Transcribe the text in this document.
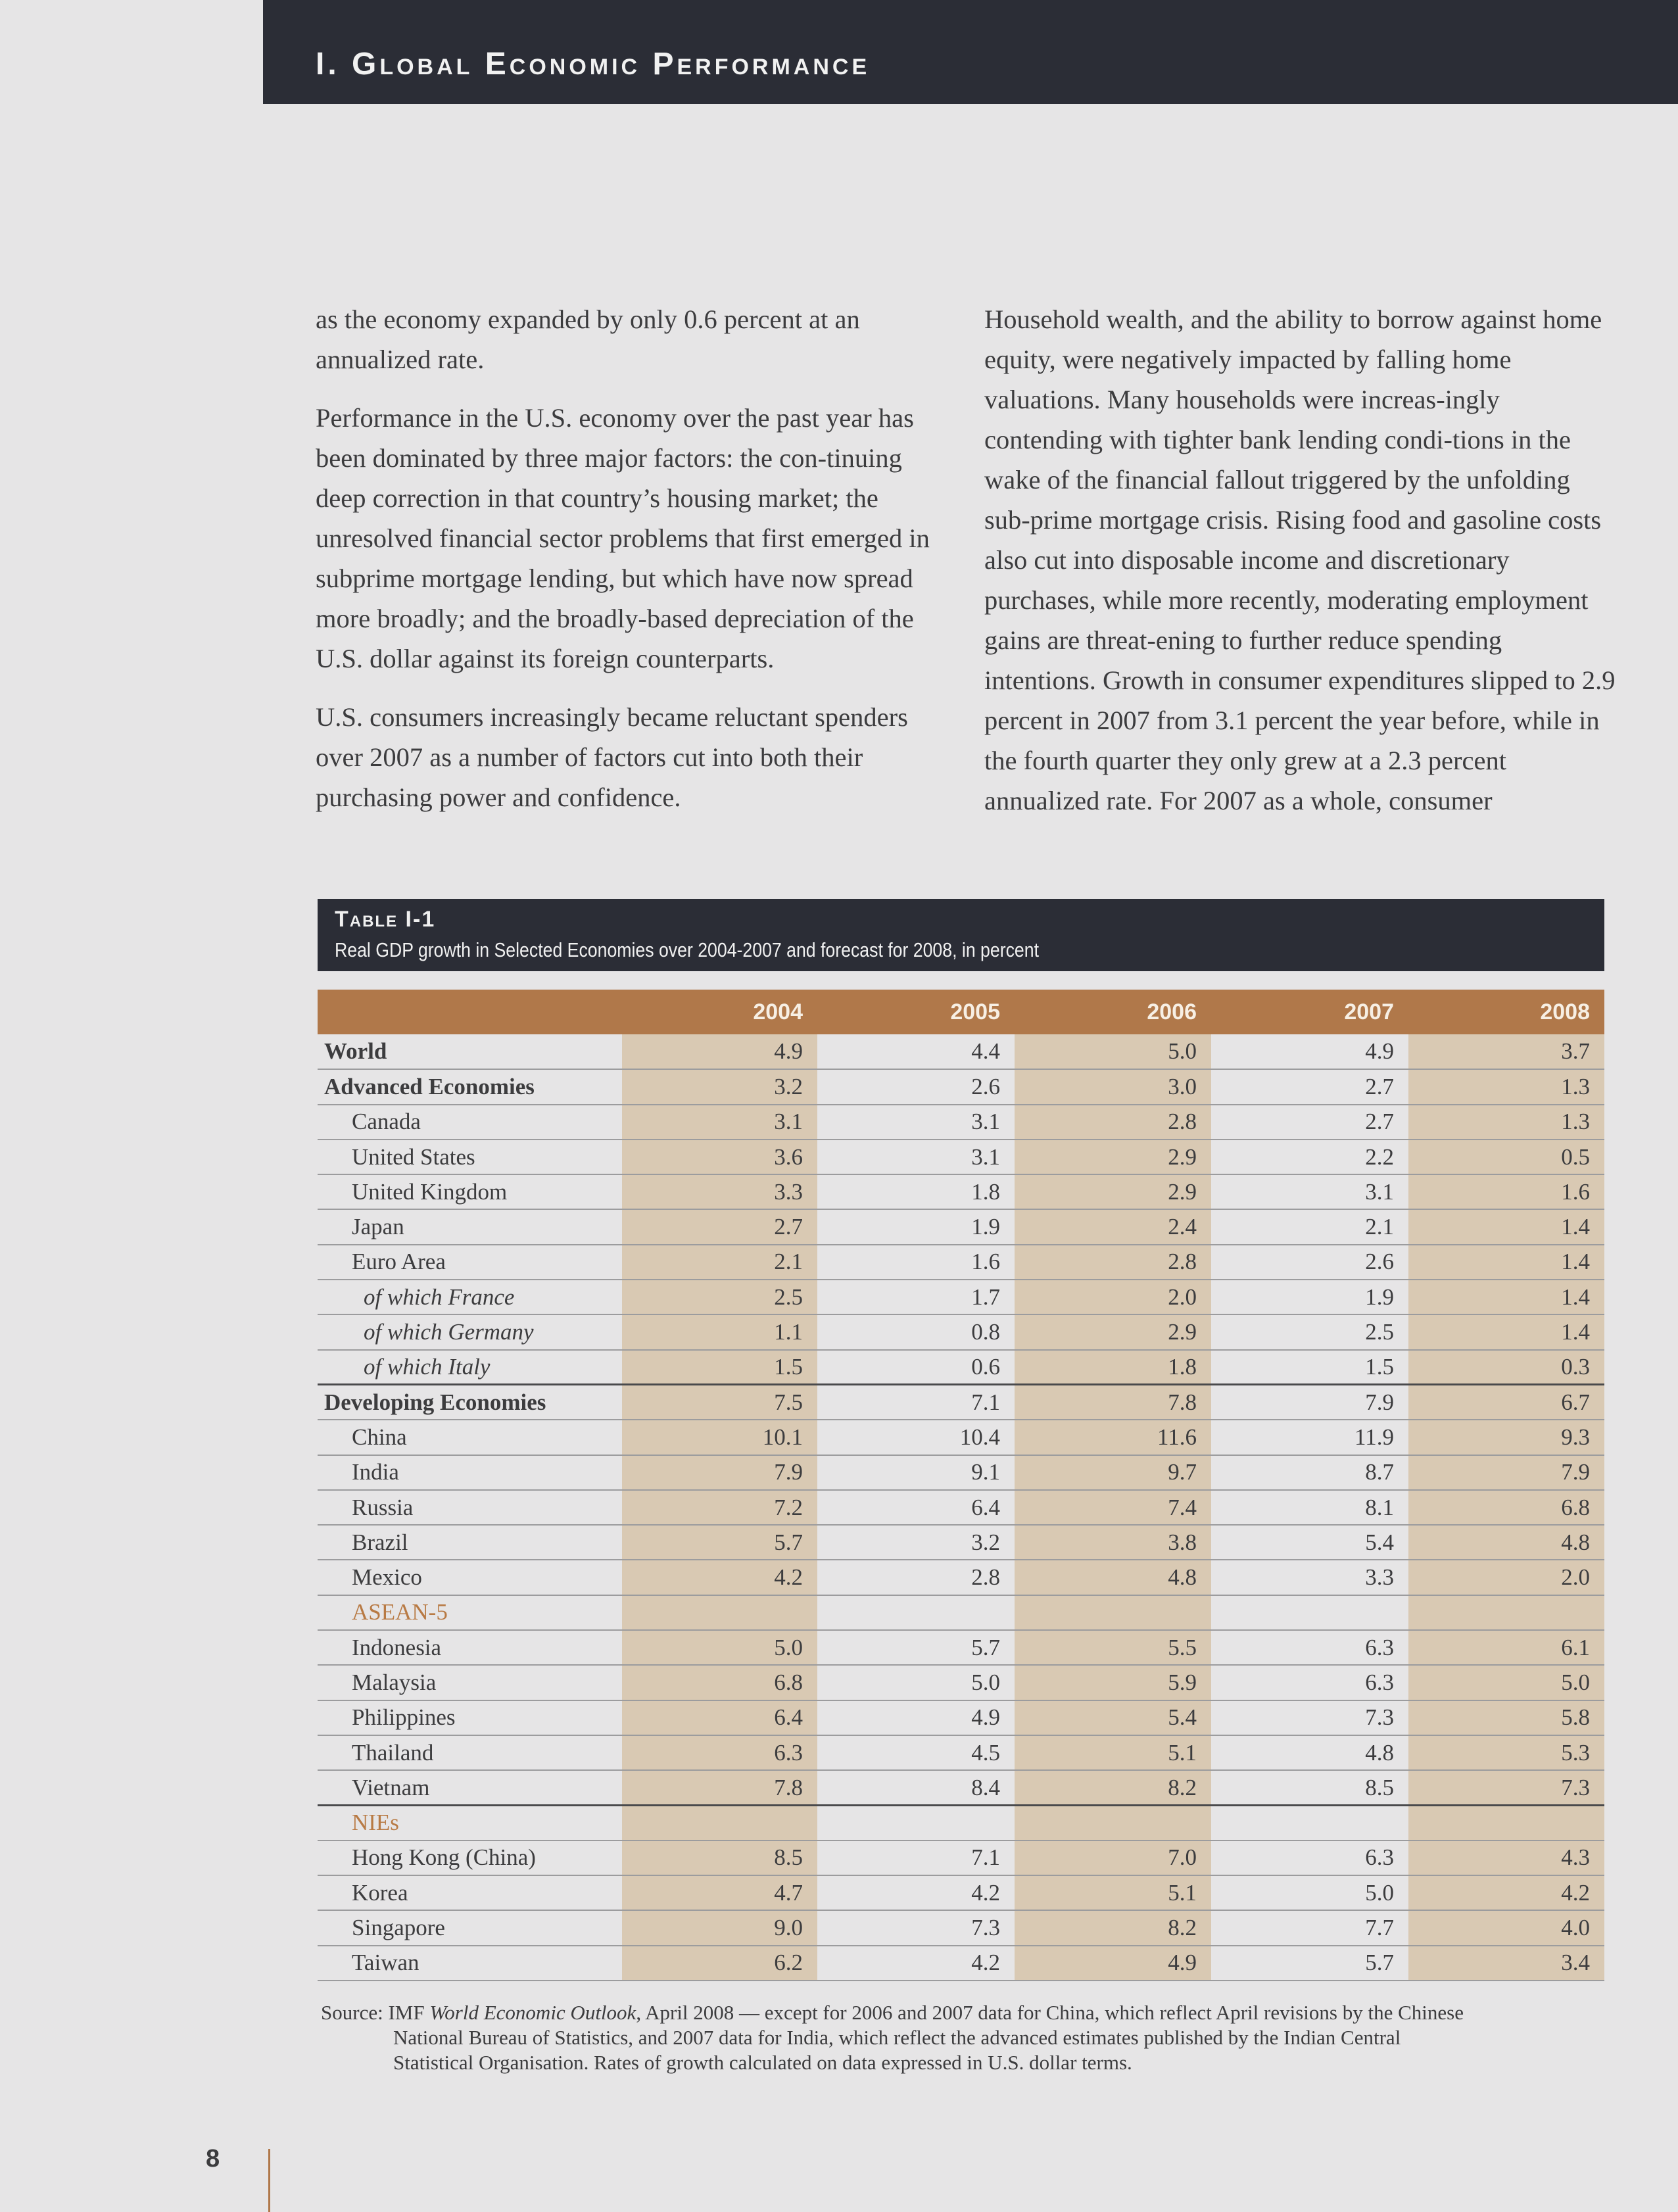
I. Global Economic Performance

as the economy expanded by only 0.6 percent at an annualized rate.

Performance in the U.S. economy over the past year has been dominated by three major factors: the con-tinuing deep correction in that country’s housing market; the unresolved financial sector problems that first emerged in subprime mortgage lending, but which have now spread more broadly; and the broadly-based depreciation of the U.S. dollar against its foreign counterparts.

U.S. consumers increasingly became reluctant spenders over 2007 as a number of factors cut into both their purchasing power and confidence.

Household wealth, and the ability to borrow against home equity, were negatively impacted by falling home valuations. Many households were increas-ingly contending with tighter bank lending condi-tions in the wake of the financial fallout triggered by the unfolding sub-prime mortgage crisis. Rising food and gasoline costs also cut into disposable income and discretionary purchases, while more recently, moderating employment gains are threat-ening to further reduce spending intentions. Growth in consumer expenditures slipped to 2.9 percent in 2007 from 3.1 percent the year before, while in the fourth quarter they only grew at a 2.3 percent annualized rate. For 2007 as a whole, consumer

Table I-1
Real GDP growth in Selected Economies over 2004-2007 and forecast for 2008, in percent
	2004	2005	2006	2007	2008
World	4.9	4.4	5.0	4.9	3.7
Advanced Economies	3.2	2.6	3.0	2.7	1.3
Canada	3.1	3.1	2.8	2.7	1.3
United States	3.6	3.1	2.9	2.2	0.5
United Kingdom	3.3	1.8	2.9	3.1	1.6
Japan	2.7	1.9	2.4	2.1	1.4
Euro Area	2.1	1.6	2.8	2.6	1.4
of which France	2.5	1.7	2.0	1.9	1.4
of which Germany	1.1	0.8	2.9	2.5	1.4
of which Italy	1.5	0.6	1.8	1.5	0.3
Developing Economies	7.5	7.1	7.8	7.9	6.7
China	10.1	10.4	11.6	11.9	9.3
India	7.9	9.1	9.7	8.7	7.9
Russia	7.2	6.4	7.4	8.1	6.8
Brazil	5.7	3.2	3.8	5.4	4.8
Mexico	4.2	2.8	4.8	3.3	2.0
ASEAN-5					
Indonesia	5.0	5.7	5.5	6.3	6.1
Malaysia	6.8	5.0	5.9	6.3	5.0
Philippines	6.4	4.9	5.4	7.3	5.8
Thailand	6.3	4.5	5.1	4.8	5.3
Vietnam	7.8	8.4	8.2	8.5	7.3
NIEs					
Hong Kong (China)	8.5	7.1	7.0	6.3	4.3
Korea	4.7	4.2	5.1	5.0	4.2
Singapore	9.0	7.3	8.2	7.7	4.0
Taiwan	6.2	4.2	4.9	5.7	3.4
Source: IMF World Economic Outlook, April 2008 — except for 2006 and 2007 data for China, which reflect April revisions by the Chinese
National Bureau of Statistics, and 2007 data for India, which reflect the advanced estimates published by the Indian Central
Statistical Organisation. Rates of growth calculated on data expressed in U.S. dollar terms.
8
